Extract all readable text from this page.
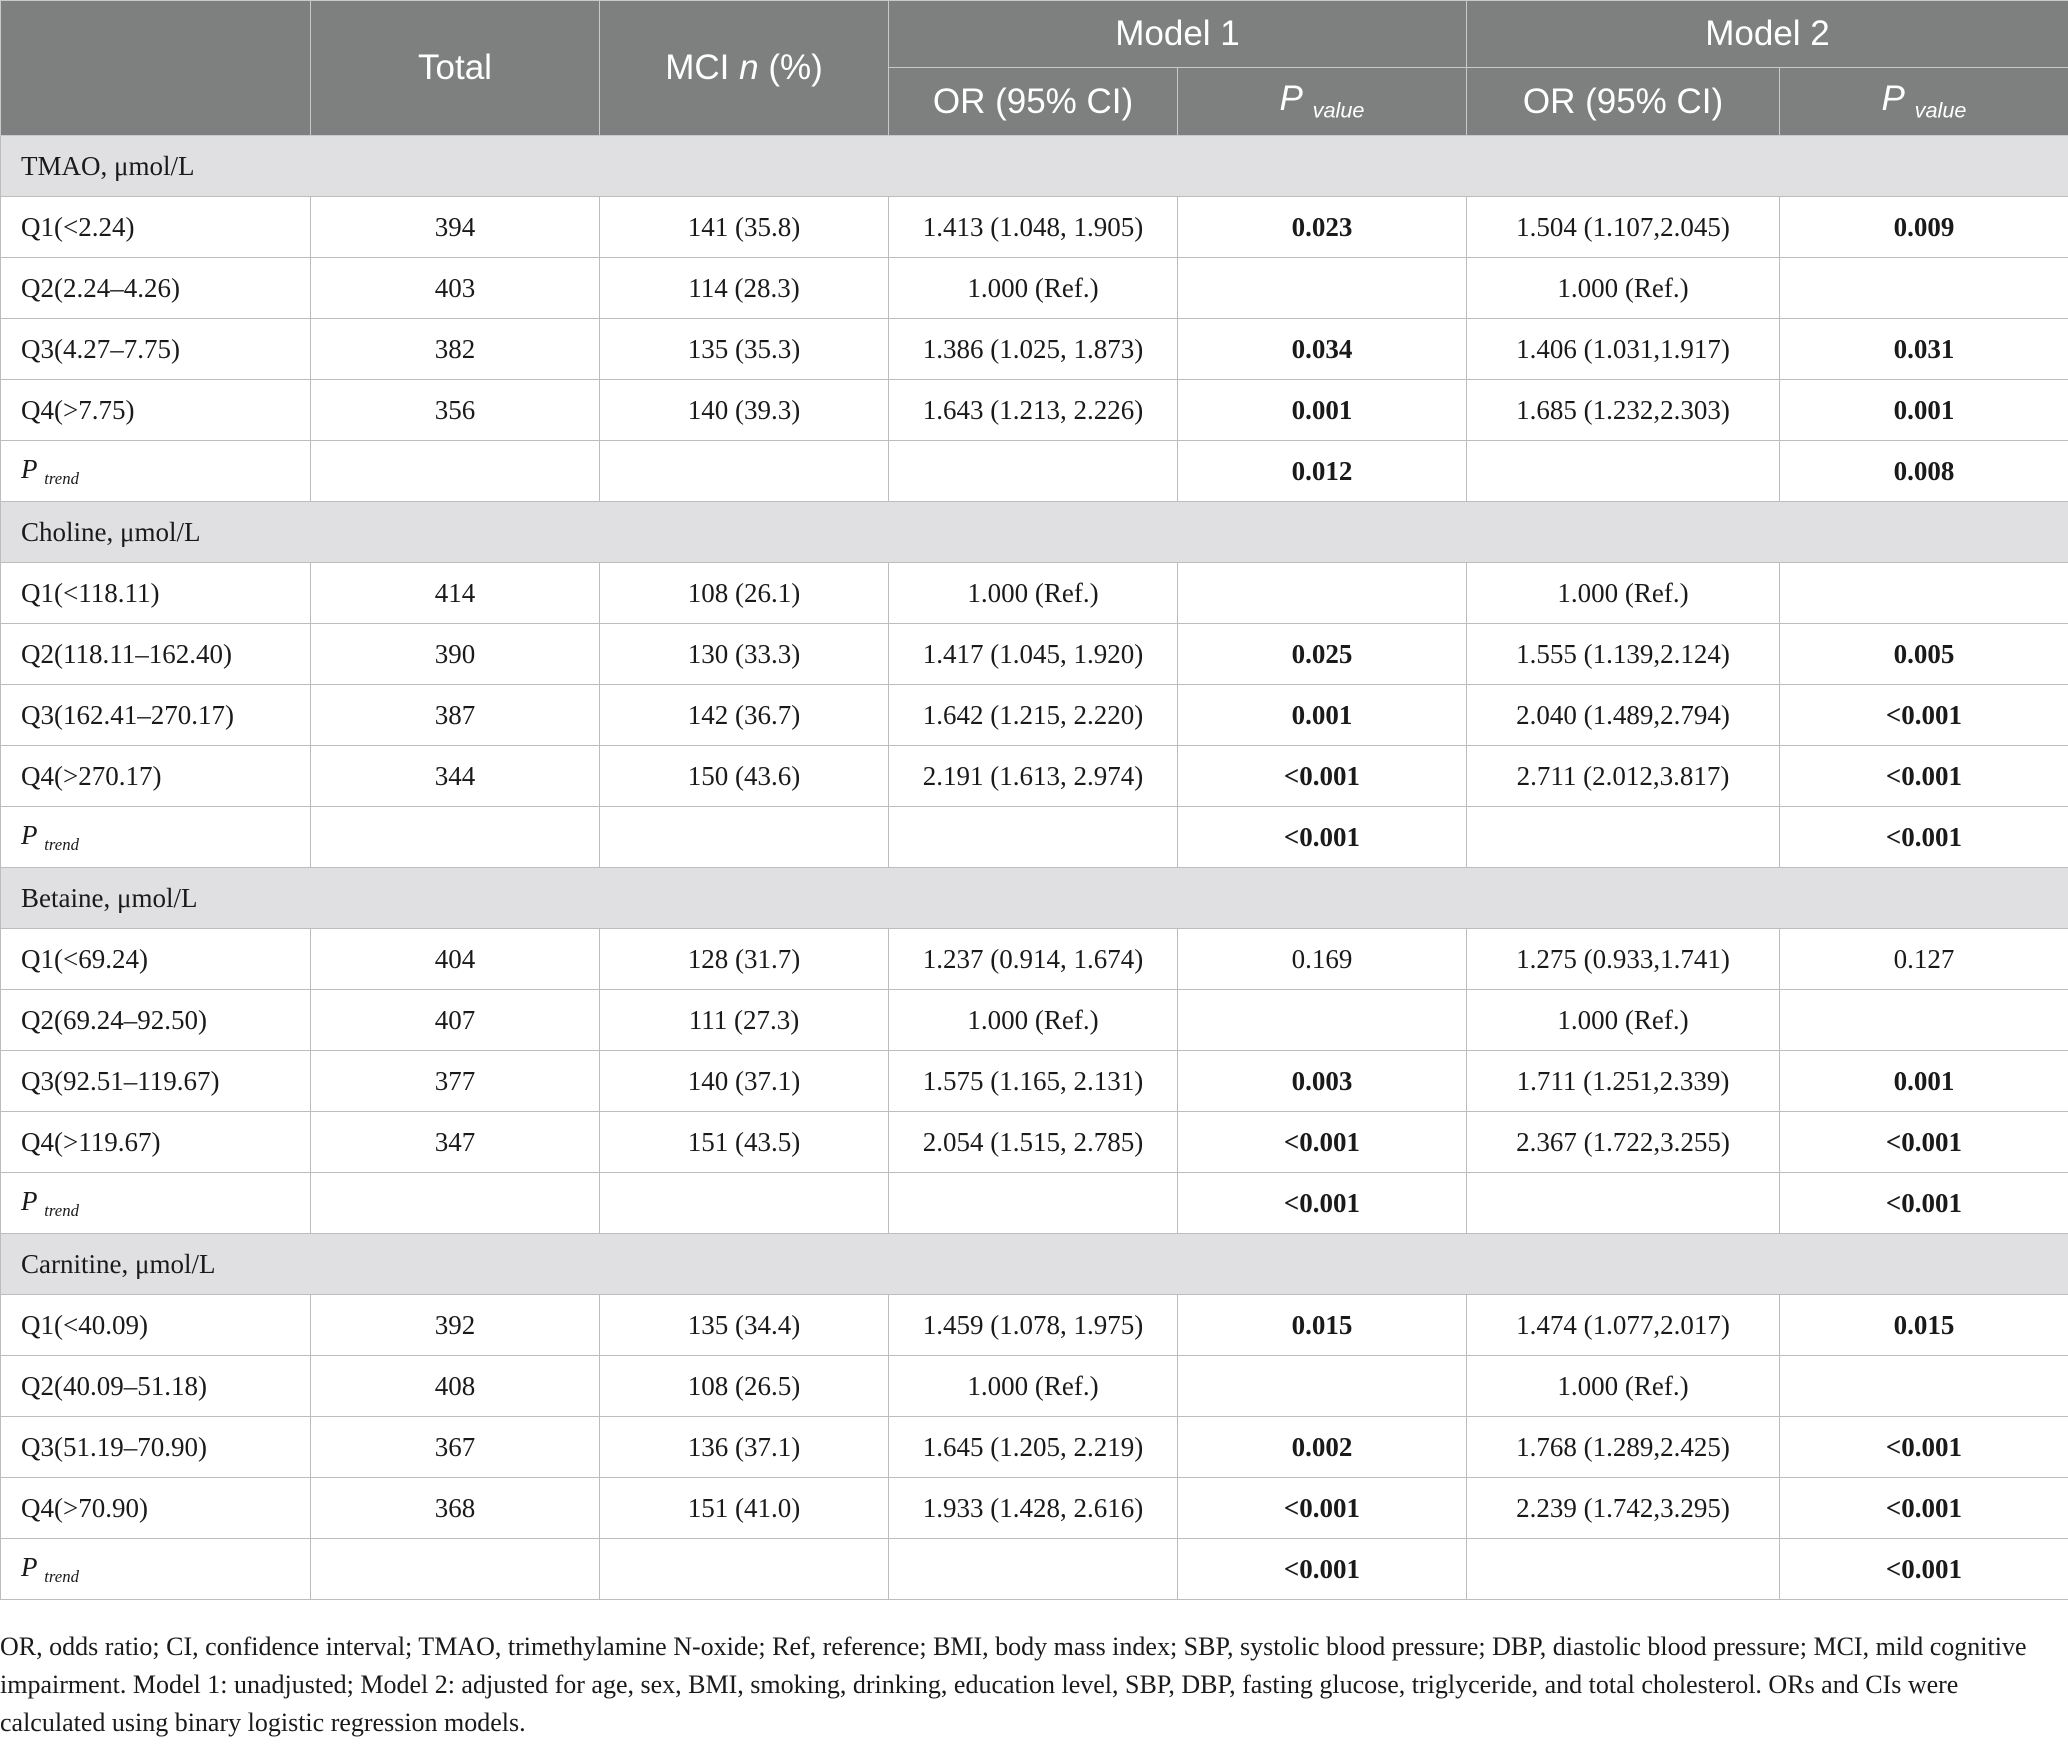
	Total	MCI n (%)	Model 1		Model 2	
			OR (95% CI)	P $_{value}$	OR (95% CI)	P $_{value}$
TMAO, μmol/L						
Q1(<2.24)	394	141 (35.8)	1.413 (1.048, 1.905)	0.023	1.504 (1.107,2.045)	0.009
Q2(2.24–4.26)	403	114 (28.3)	1.000 (Ref.)		1.000 (Ref.)	
Q3(4.27–7.75)	382	135 (35.3)	1.386 (1.025, 1.873)	0.034	1.406 (1.031,1.917)	0.031
Q4(>7.75)	356	140 (39.3)	1.643 (1.213, 2.226)	0.001	1.685 (1.232,2.303)	0.001
P $_{trend}$				0.012		0.008
Choline, μmol/L						
Q1(<118.11)	414	108 (26.1)	1.000 (Ref.)		1.000 (Ref.)	
Q2(118.11–162.40)	390	130 (33.3)	1.417 (1.045, 1.920)	0.025	1.555 (1.139,2.124)	0.005
Q3(162.41–270.17)	387	142 (36.7)	1.642 (1.215, 2.220)	0.001	2.040 (1.489,2.794)	<0.001
Q4(>270.17)	344	150 (43.6)	2.191 (1.613, 2.974)	<0.001	2.711 (2.012,3.817)	<0.001
P $_{trend}$				<0.001		<0.001
Betaine, μmol/L						
Q1(<69.24)	404	128 (31.7)	1.237 (0.914, 1.674)	0.169	1.275 (0.933,1.741)	0.127
Q2(69.24–92.50)	407	111 (27.3)	1.000 (Ref.)		1.000 (Ref.)	
Q3(92.51–119.67)	377	140 (37.1)	1.575 (1.165, 2.131)	0.003	1.711 (1.251,2.339)	0.001
Q4(>119.67)	347	151 (43.5)	2.054 (1.515, 2.785)	<0.001	2.367 (1.722,3.255)	<0.001
P $_{trend}$				<0.001		<0.001
Carnitine, μmol/L						
Q1(<40.09)	392	135 (34.4)	1.459 (1.078, 1.975)	0.015	1.474 (1.077,2.017)	0.015
Q2(40.09–51.18)	408	108 (26.5)	1.000 (Ref.)		1.000 (Ref.)	
Q3(51.19–70.90)	367	136 (37.1)	1.645 (1.205, 2.219)	0.002	1.768 (1.289,2.425)	<0.001
Q4(>70.90)	368	151 (41.0)	1.933 (1.428, 2.616)	<0.001	2.239 (1.742,3.295)	<0.001
P $_{trend}$				<0.001		<0.001
OR, odds ratio; CI, confidence interval; TMAO, trimethylamine N-oxide; Ref, reference; BMI, body mass index; SBP, systolic blood pressure; DBP, diastolic blood pressure; MCI, mild cognitive impairment. Model 1: unadjusted; Model 2: adjusted for age, sex, BMI, smoking, drinking, education level, SBP, DBP, fasting glucose, triglyceride, and total cholesterol. ORs and CIs were calculated using binary logistic regression models.
